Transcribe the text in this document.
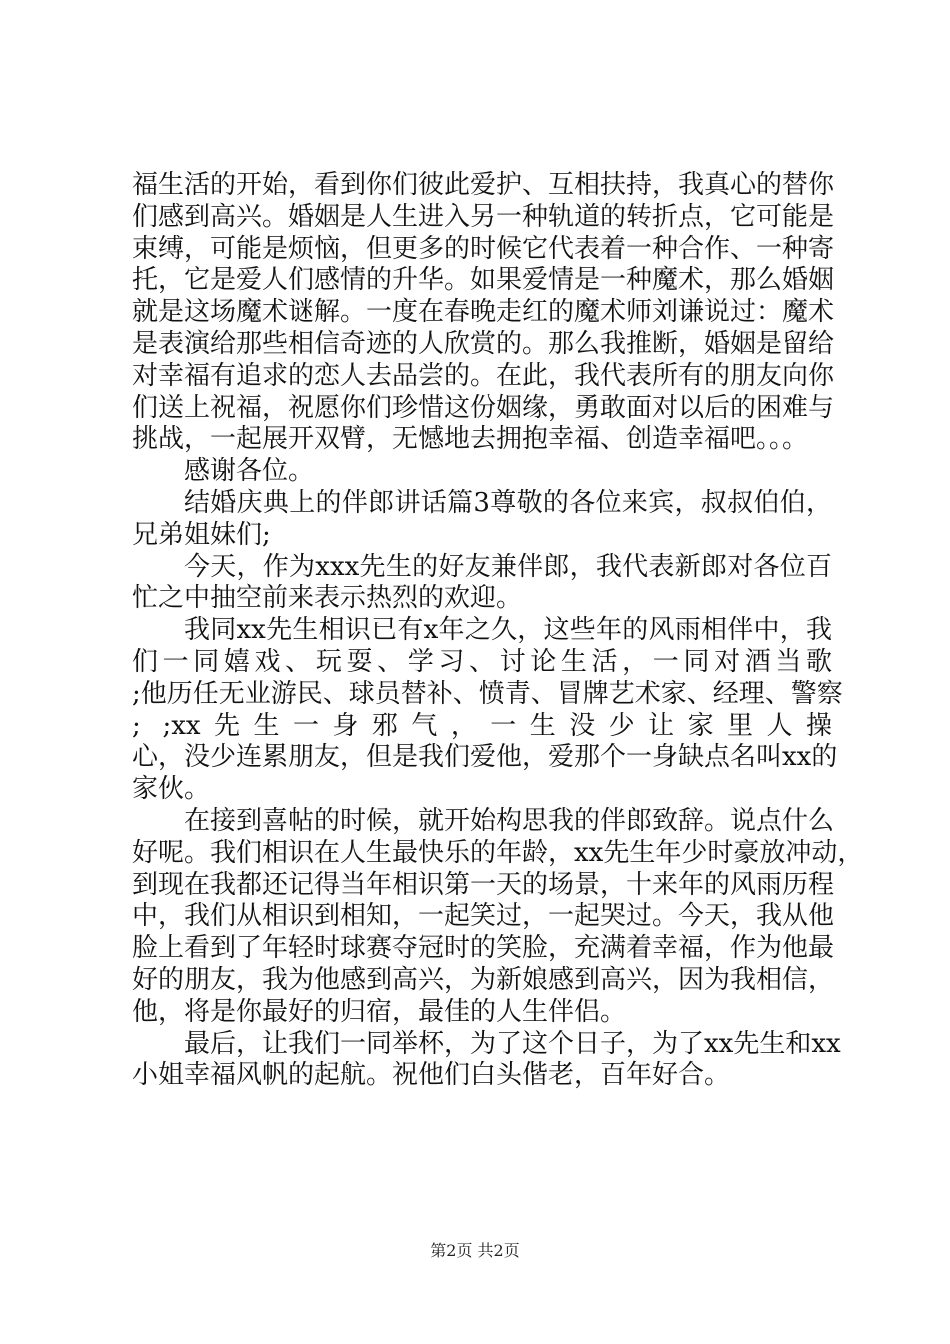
福生活的开始，看到你们彼此爱护、互相扶持，我真心的替你
们感到高兴。婚姻是人生进入另一种轨道的转折点，它可能是
束缚，可能是烦恼，但更多的时候它代表着一种合作、一种寄
托，它是爱人们感情的升华。如果爱情是一种魔术，那么婚姻
就是这场魔术谜解。一度在春晚走红的魔术师刘谦说过：魔术
是表演给那些相信奇迹的人欣赏的。那么我推断，婚姻是留给
对幸福有追求的恋人去品尝的。在此，我代表所有的朋友向你
们送上祝福，祝愿你们珍惜这份姻缘，勇敢面对以后的困难与
挑战，一起展开双臂，无憾地去拥抱幸福、创造幸福吧。。。
感谢各位。
结婚庆典上的伴郎讲话篇3尊敬的各位来宾，叔叔伯伯，
兄弟姐妹们;
今天，作为xxx先生的好友兼伴郎，我代表新郎对各位百
忙之中抽空前来表示热烈的欢迎。
我同xx先生相识已有x年之久，这些年的风雨相伴中，我
们一同嬉戏、玩耍、学习、讨论生活，一同对酒当歌
;他历任无业游民、球员替补、愤青、冒牌艺术家、经理、警察
; ;xx先生一身邪气，一生没少让家里人操
心，没少连累朋友，但是我们爱他，爱那个一身缺点名叫xx的
家伙。
在接到喜帖的时候，就开始构思我的伴郎致辞。说点什么
好呢。我们相识在人生最快乐的年龄，xx先生年少时豪放冲动，
到现在我都还记得当年相识第一天的场景，十来年的风雨历程
中，我们从相识到相知，一起笑过，一起哭过。今天，我从他
脸上看到了年轻时球赛夺冠时的笑脸，充满着幸福，作为他最
好的朋友，我为他感到高兴，为新娘感到高兴，因为我相信，
他，将是你最好的归宿，最佳的人生伴侣。
最后，让我们一同举杯，为了这个日子，为了xx先生和xx
小姐幸福风帆的起航。祝他们白头偕老，百年好合。
第2页 共2页
